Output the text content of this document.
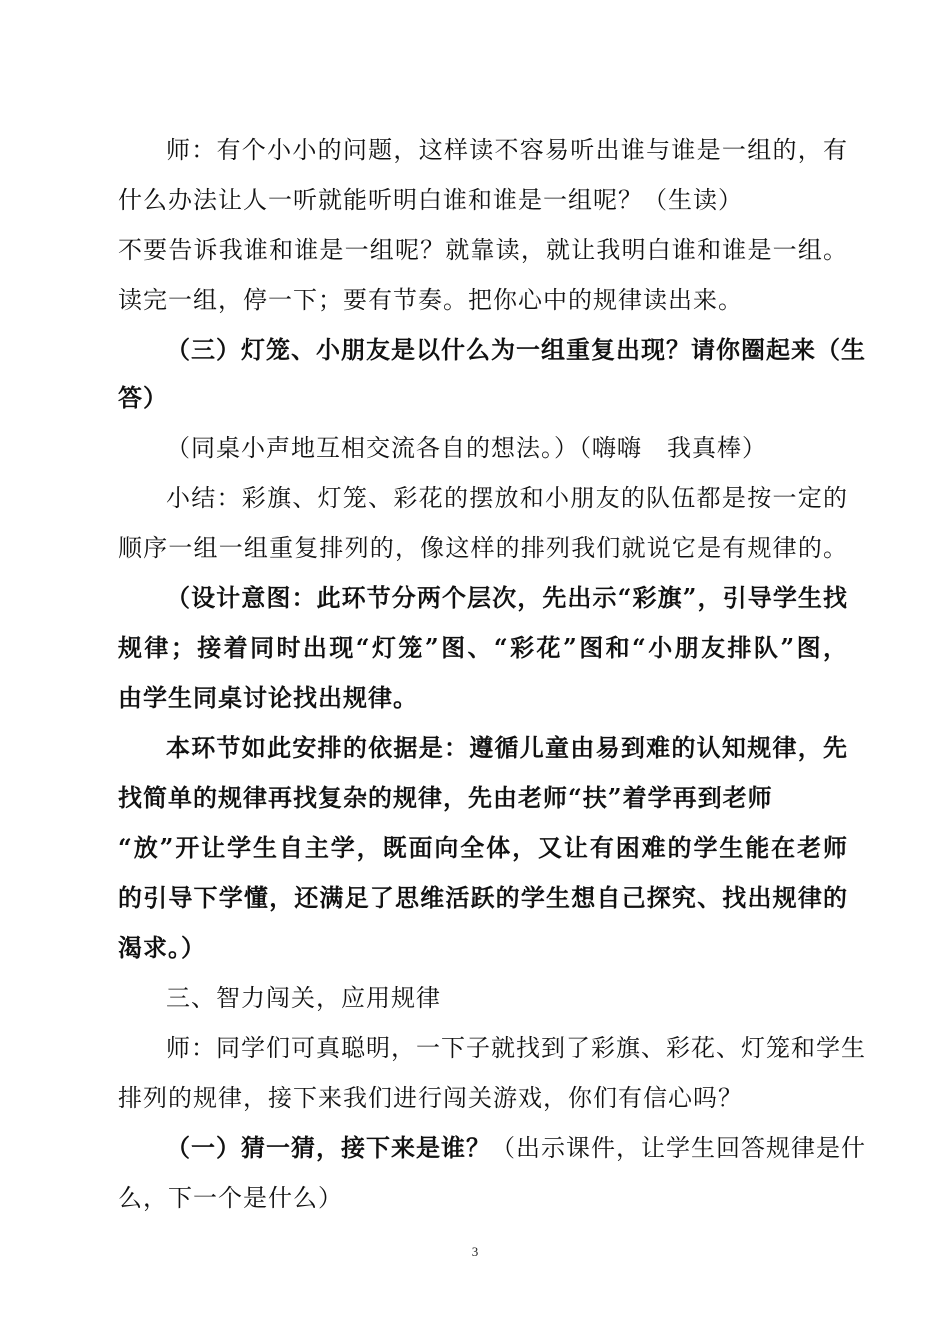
师：有个小小的问题，这样读不容易听出谁与谁是一组的，有
什么办法让人一听就能听明白谁和谁是一组呢？（生读）
不要告诉我谁和谁是一组呢？就靠读，就让我明白谁和谁是一组。
读完一组，停一下；要有节奏。把你心中的规律读出来。
（三）灯笼、小朋友是以什么为一组重复出现？请你圈起来（生
答）
（同桌小声地互相交流各自的想法。）（嗨嗨　我真棒）
小结：彩旗、灯笼、彩花的摆放和小朋友的队伍都是按一定的
顺序一组一组重复排列的，像这样的排列我们就说它是有规律的。
（设计意图：此环节分两个层次，先出示“彩旗”，引导学生找
规律；接着同时出现“灯笼”图、“彩花”图和“小朋友排队”图，
由学生同桌讨论找出规律。
本环节如此安排的依据是：遵循儿童由易到难的认知规律，先
找简单的规律再找复杂的规律，先由老师“扶”着学再到老师
“放”开让学生自主学，既面向全体，又让有困难的学生能在老师
的引导下学懂，还满足了思维活跃的学生想自己探究、找出规律的
渴求。）
三、智力闯关，应用规律
师：同学们可真聪明，一下子就找到了彩旗、彩花、灯笼和学生
排列的规律，接下来我们进行闯关游戏，你们有信心吗？
（一）猜一猜，接下来是谁？（出示课件，让学生回答规律是什
么，下一个是什么）
3
